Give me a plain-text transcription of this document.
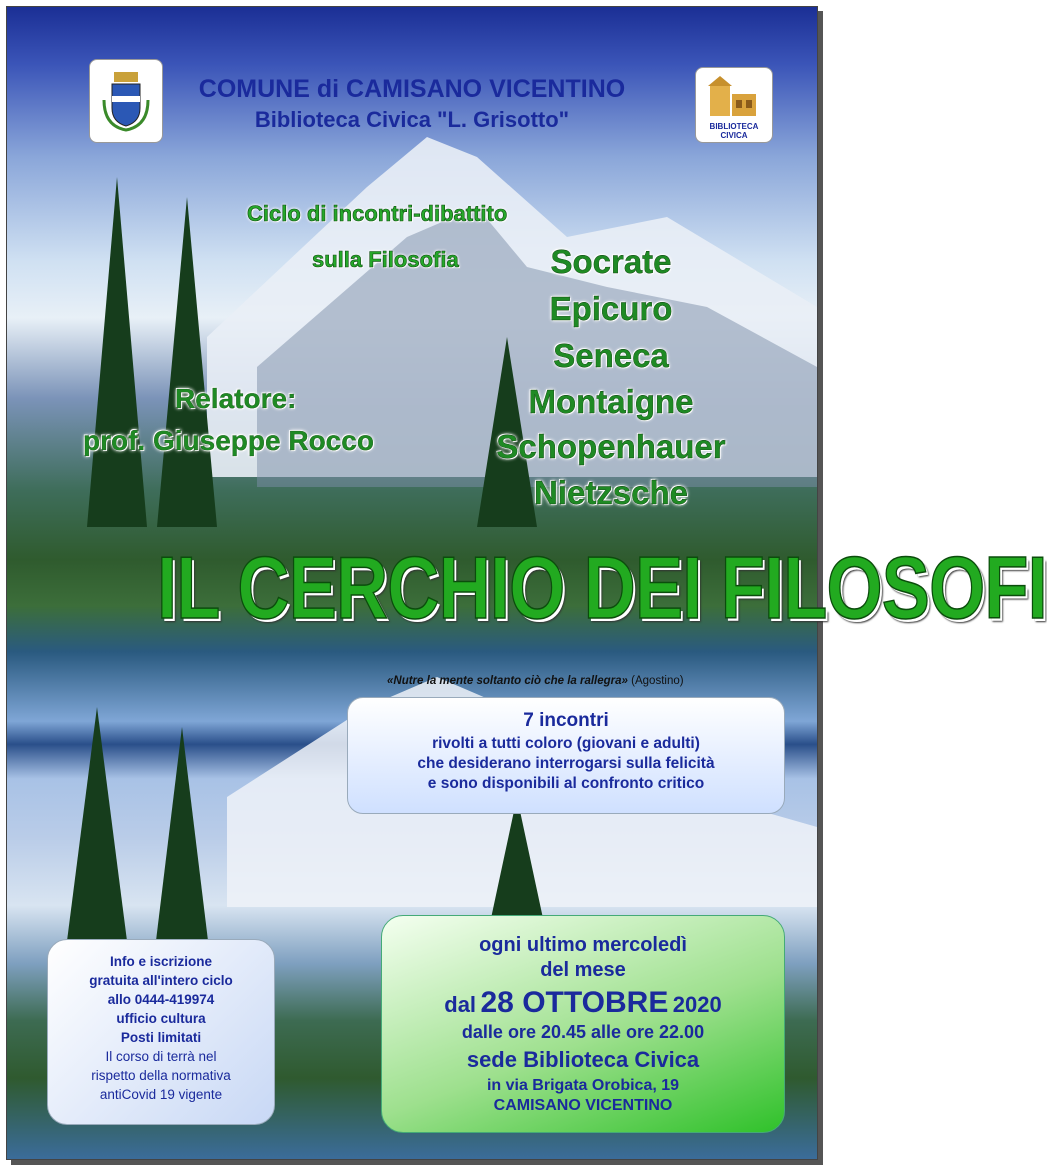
BIBLIOTECA CIVICA
COMUNE di CAMISANO VICENTINO
Biblioteca Civica "L. Grisotto"
Ciclo di incontri-dibattito
sulla Filosofia	Socrate
Epicuro
Seneca
Montaigne
Schopenhauer
Nietzsche
Relatore:
prof. Giuseppe Rocco
IL CERCHIO DEI FILOSOFI
«Nutre la mente soltanto ciò che la rallegra» (Agostino)
7 incontri
rivolti a tutti coloro (giovani e adulti)
che desiderano interrogarsi sulla felicità
e sono disponibili al confronto critico
Info e iscrizione
gratuita all'intero ciclo
allo 0444-419974
ufficio cultura
Posti limitati
Il corso di terrà nel
rispetto della normativa
antiCovid 19 vigente
ogni ultimo mercoledì
del mese
dal 28 OTTOBRE 2020
dalle ore 20.45 alle ore 22.00
sede Biblioteca Civica
in via Brigata Orobica, 19
CAMISANO VICENTINO
